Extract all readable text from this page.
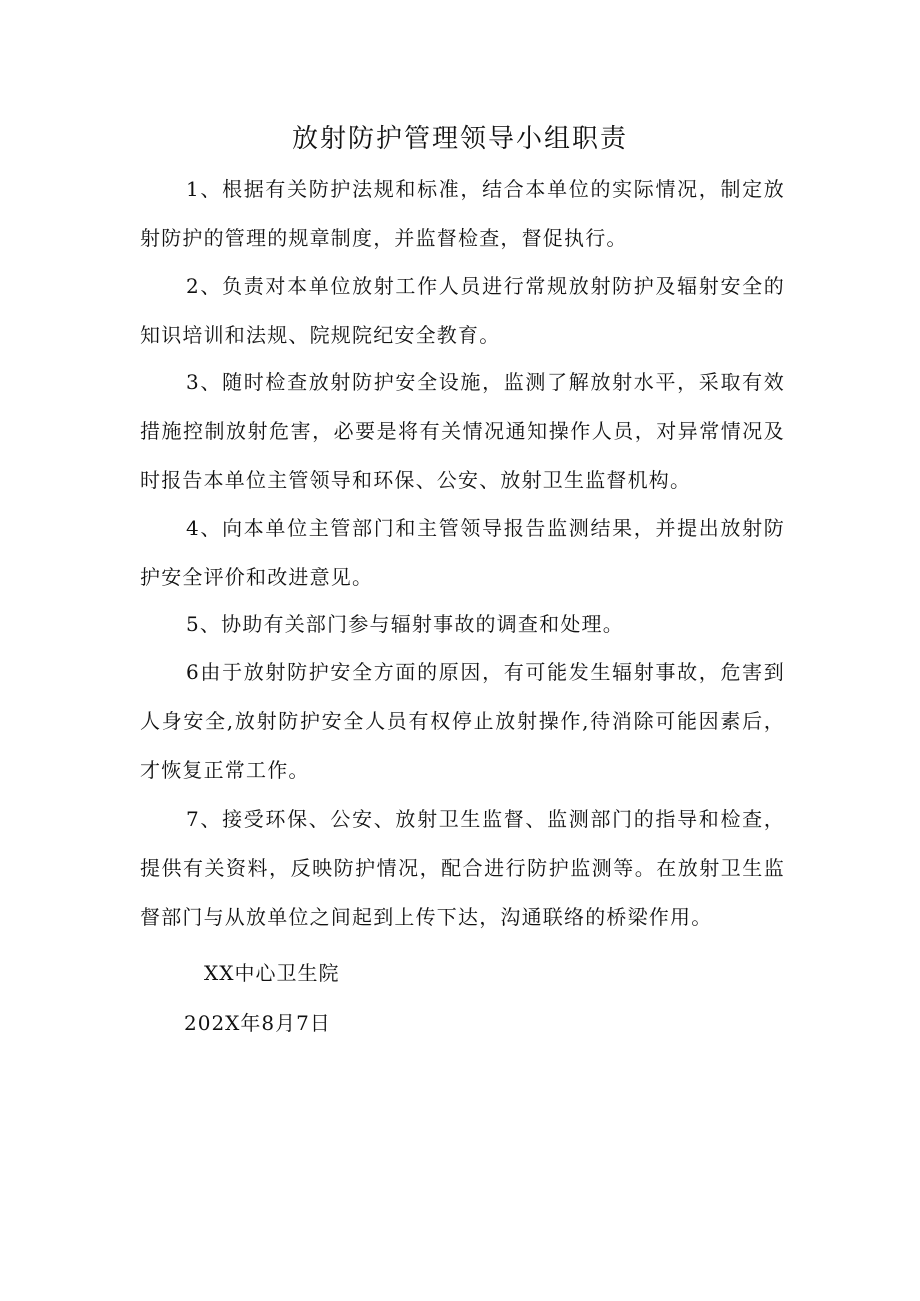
放射防护管理领导小组职责

1、根据有关防护法规和标准，结合本单位的实际情况，制定放射防护的管理的规章制度，并监督检查，督促执行。

2、负责对本单位放射工作人员进行常规放射防护及辐射安全的知识培训和法规、院规院纪安全教育。

3、随时检查放射防护安全设施，监测了解放射水平，采取有效措施控制放射危害，必要是将有关情况通知操作人员，对异常情况及时报告本单位主管领导和环保、公安、放射卫生监督机构。

4、向本单位主管部门和主管领导报告监测结果，并提出放射防护安全评价和改进意见。

5、协助有关部门参与辐射事故的调查和处理。

6由于放射防护安全方面的原因，有可能发生辐射事故，危害到人身安全,放射防护安全人员有权停止放射操作,待消除可能因素后，才恢复正常工作。

7、接受环保、公安、放射卫生监督、监测部门的指导和检查，提供有关资料，反映防护情况，配合进行防护监测等。在放射卫生监督部门与从放单位之间起到上传下达，沟通联络的桥梁作用。

XX中心卫生院
202X年8月7日
